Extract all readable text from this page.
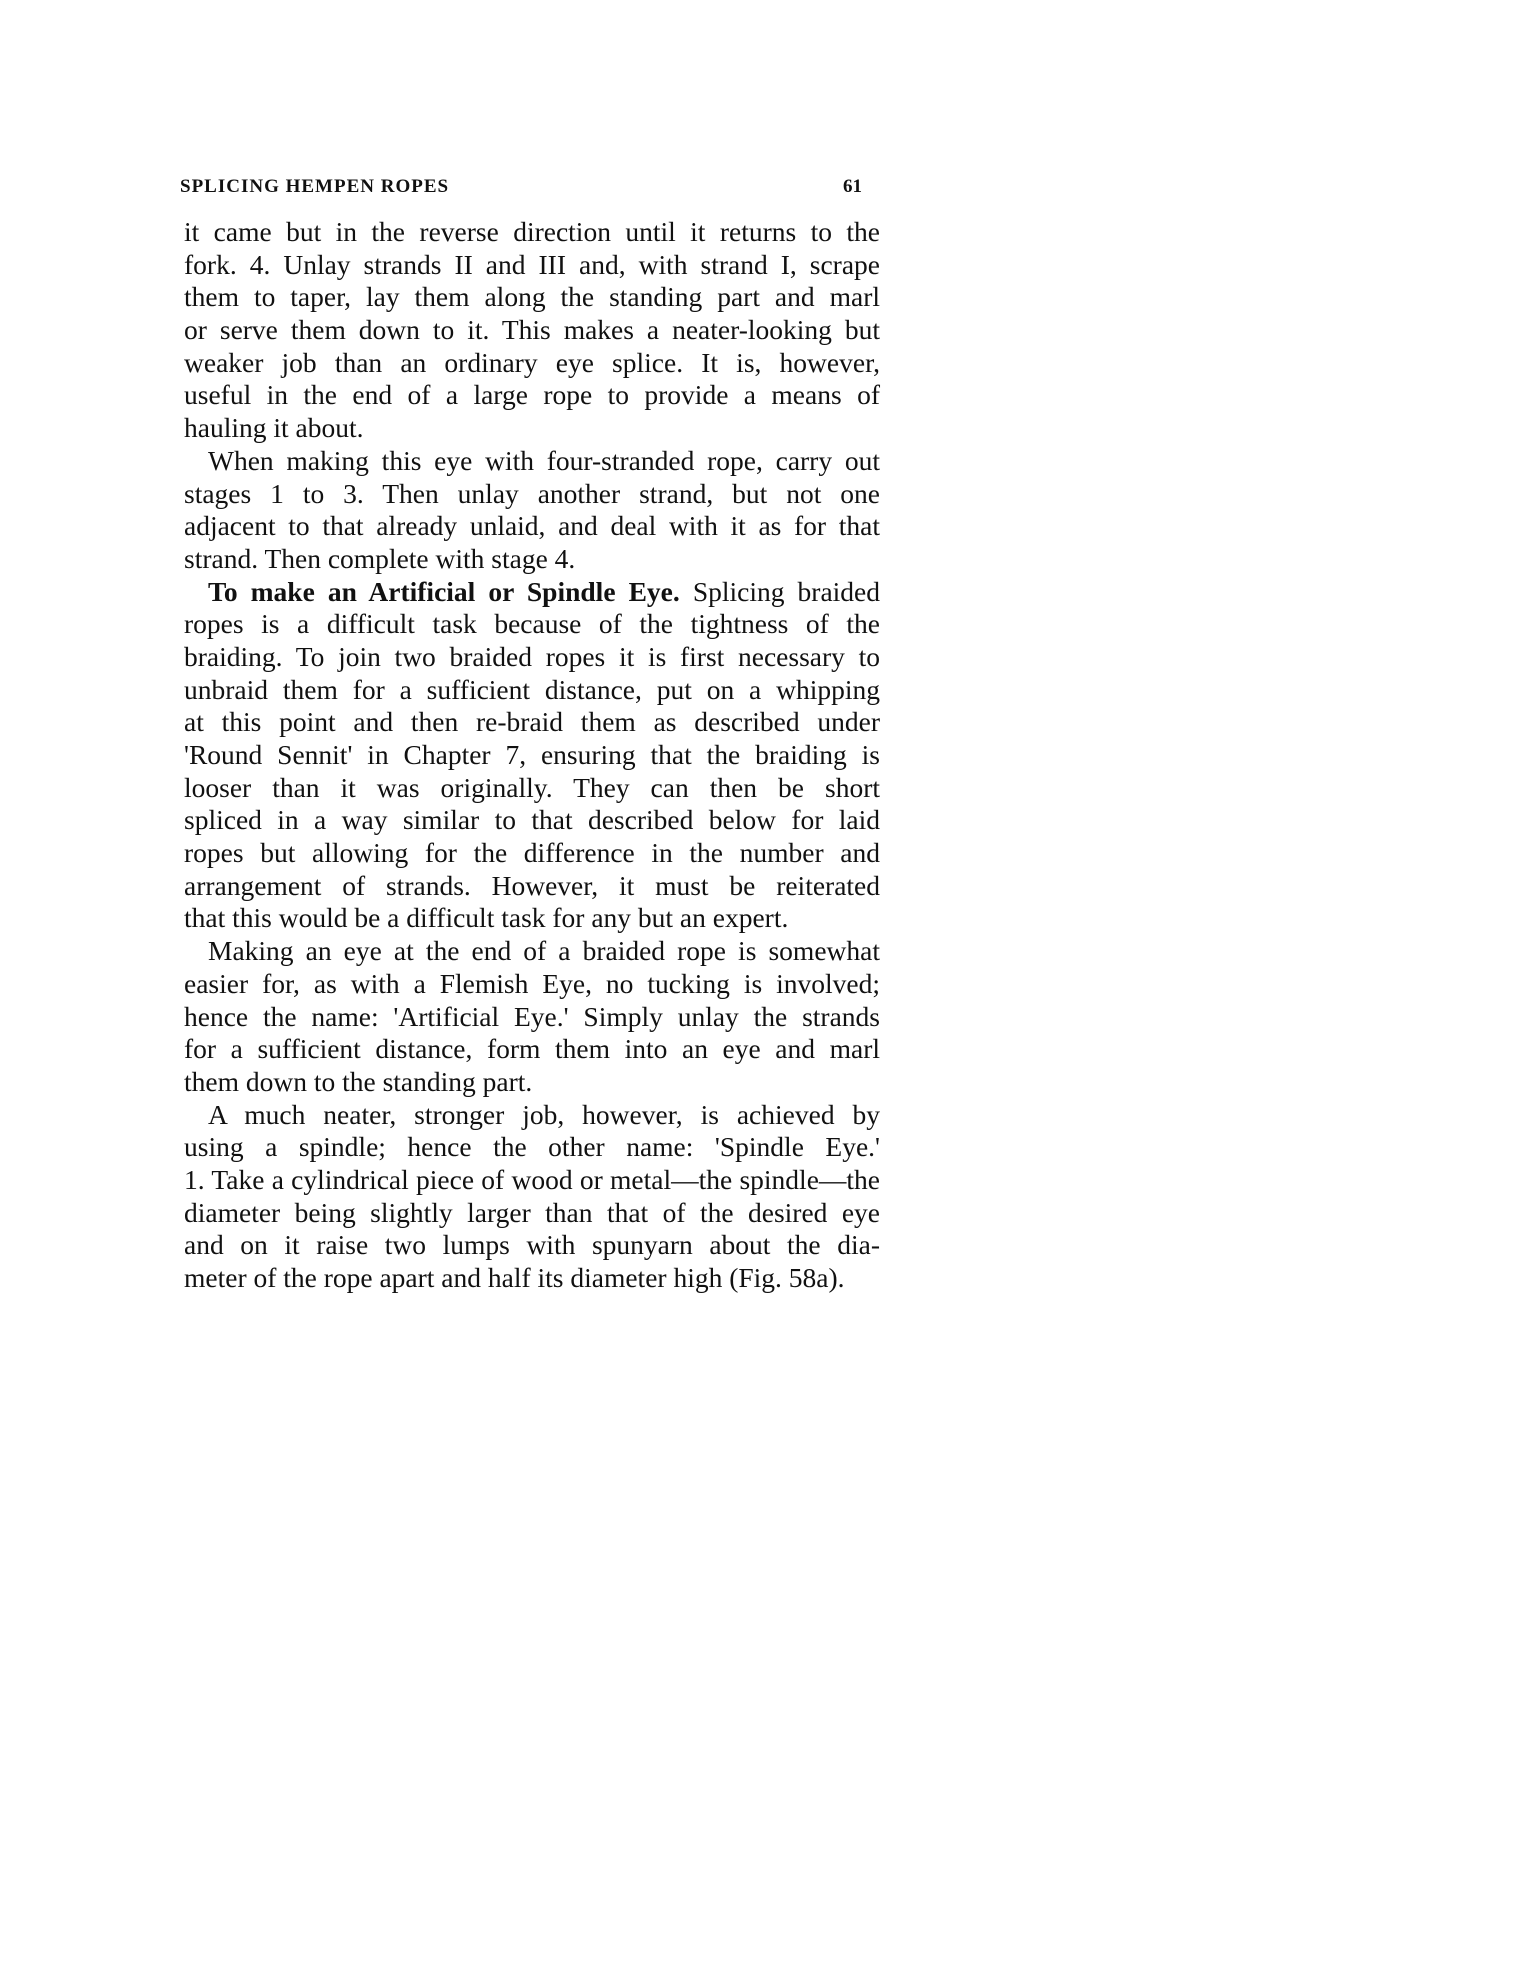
SPLICING HEMPEN ROPES	61
it came but in the reverse direction until it returns to the
fork. 4. Unlay strands II and III and, with strand I, scrape
them to taper, lay them along the standing part and marl
or serve them down to it. This makes a neater-looking but
weaker job than an ordinary eye splice. It is, however,
useful in the end of a large rope to provide a means of
hauling it about.
When making this eye with four-stranded rope, carry out
stages 1 to 3. Then unlay another strand, but not one
adjacent to that already unlaid, and deal with it as for that
strand. Then complete with stage 4.
To make an Artificial or Spindle Eye. Splicing braided
ropes is a difficult task because of the tightness of the
braiding. To join two braided ropes it is first necessary to
unbraid them for a sufficient distance, put on a whipping
at this point and then re-braid them as described under
'Round Sennit' in Chapter 7, ensuring that the braiding is
looser than it was originally. They can then be short
spliced in a way similar to that described below for laid
ropes but allowing for the difference in the number and
arrangement of strands. However, it must be reiterated
that this would be a difficult task for any but an expert.
Making an eye at the end of a braided rope is somewhat
easier for, as with a Flemish Eye, no tucking is involved;
hence the name: 'Artificial Eye.' Simply unlay the strands
for a sufficient distance, form them into an eye and marl
them down to the standing part.
A much neater, stronger job, however, is achieved by
using a spindle; hence the other name: 'Spindle Eye.'
1. Take a cylindrical piece of wood or metal—the spindle—the
diameter being slightly larger than that of the desired eye
and on it raise two lumps with spunyarn about the dia-
meter of the rope apart and half its diameter high (Fig. 58a).
